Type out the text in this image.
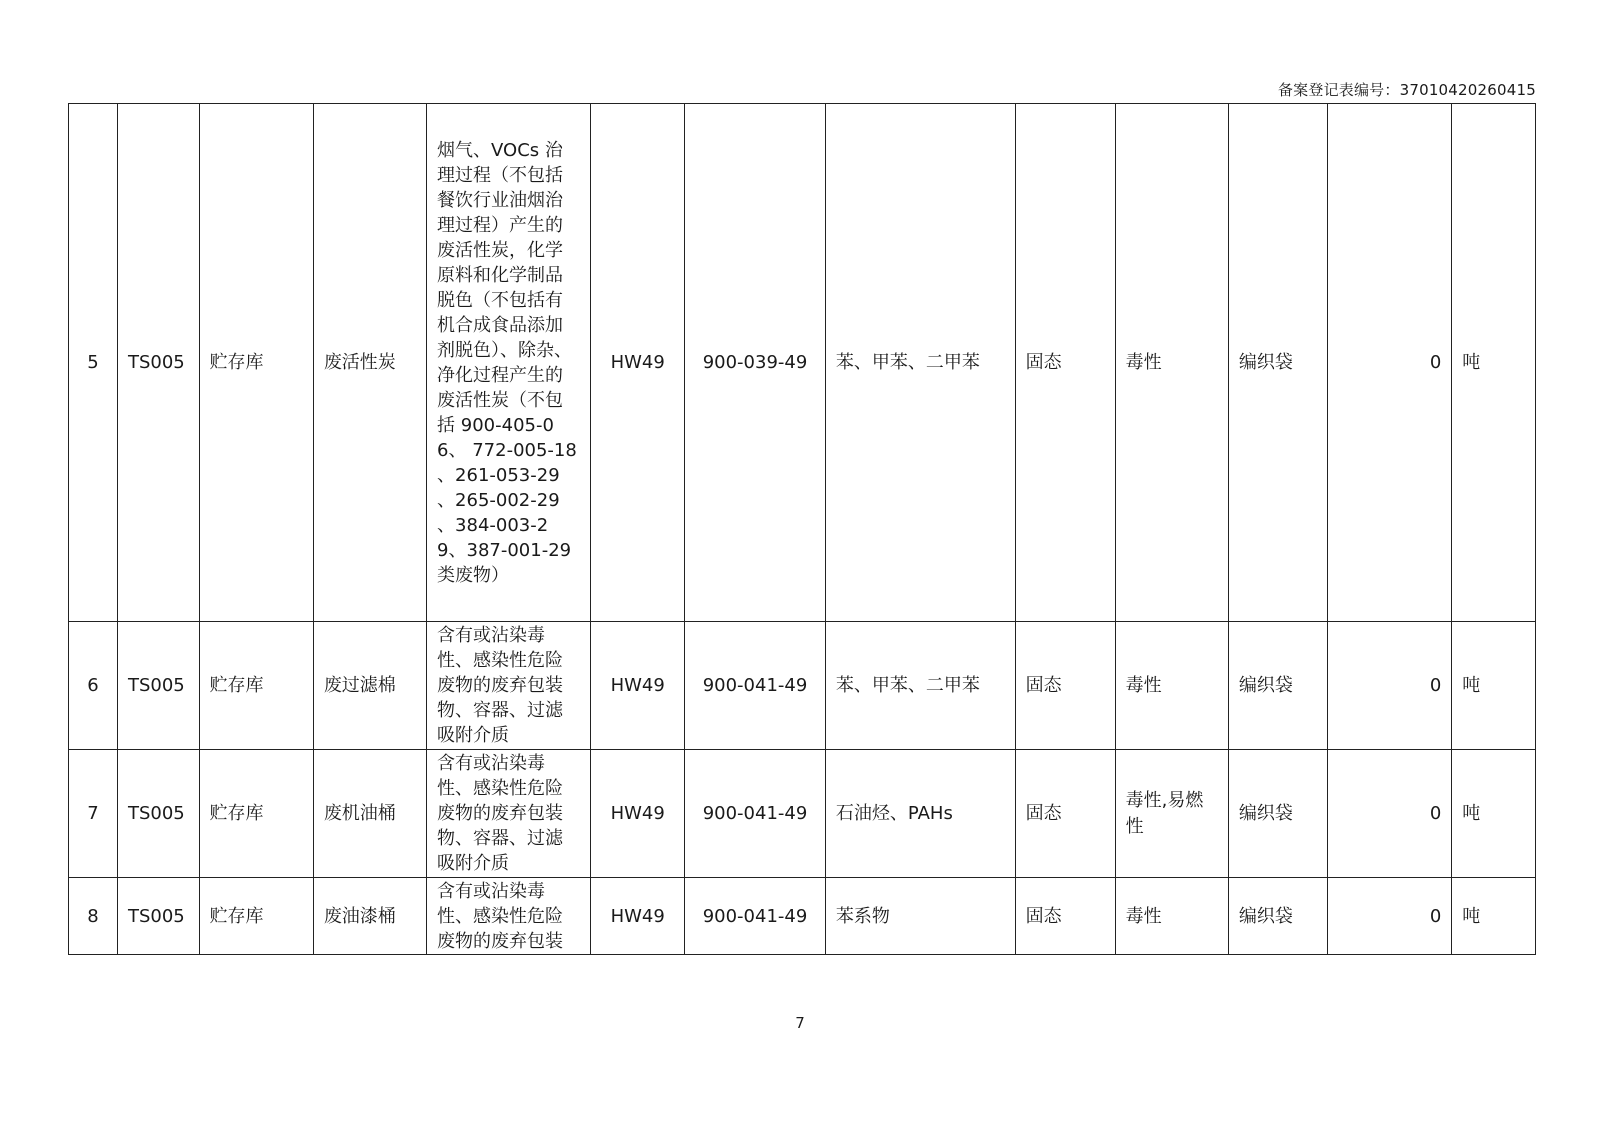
备案登记表编号：37010420260415
5	TS005	贮存库	废活性炭	烟气、VOCs 治理过程（不包括餐饮行业油烟治理过程）产生的废活性炭，化学原料和化学制品脱色（不包括有机合成食品添加剂脱色）、除杂、净化过程产生的废活性炭（不包括 900-405-06、 772-005-18 、261-053-29 、265-002-29 、384-003-29、387-001-29 类废物）	HW49	900-039-49	苯、甲苯、二甲苯	固态	毒性	编织袋	0	吨
6	TS005	贮存库	废过滤棉	含有或沾染毒性、感染性危险废物的废弃包装物、容器、过滤吸附介质	HW49	900-041-49	苯、甲苯、二甲苯	固态	毒性	编织袋	0	吨
7	TS005	贮存库	废机油桶	含有或沾染毒性、感染性危险废物的废弃包装物、容器、过滤吸附介质	HW49	900-041-49	石油烃、PAHs	固态	毒性,易燃性	编织袋	0	吨
8	TS005	贮存库	废油漆桶	含有或沾染毒性、感染性危险废物的废弃包装	HW49	900-041-49	苯系物	固态	毒性	编织袋	0	吨
7
